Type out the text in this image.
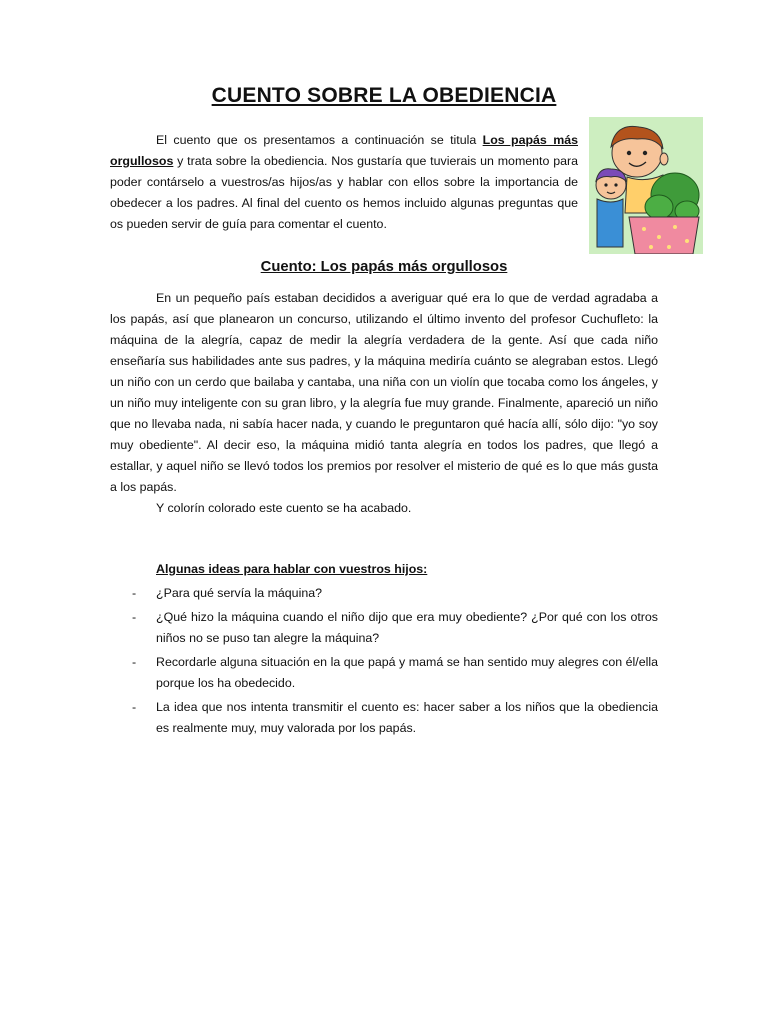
CUENTO SOBRE LA OBEDIENCIA

El cuento que os presentamos a continuación se titula Los papás más orgullosos y trata sobre la obediencia. Nos gustaría que tuvierais un momento para poder contárselo a vuestros/as hijos/as y hablar con ellos sobre la importancia de obedecer a los padres. Al final del cuento os hemos incluido algunas preguntas que os pueden servir de guía para comentar el cuento.

Cuento: Los papás más orgullosos

En un pequeño país estaban decididos a averiguar qué era lo que de verdad agradaba a los papás, así que planearon un concurso, utilizando el último invento del profesor Cuchufleto: la máquina de la alegría, capaz de medir la alegría verdadera de la gente. Así que cada niño enseñaría sus habilidades ante sus padres, y la máquina mediría cuánto se alegraban estos. Llegó un niño con un cerdo que bailaba y cantaba, una niña con un violín que tocaba como los ángeles, y un niño muy inteligente con su gran libro, y la alegría fue muy grande. Finalmente, apareció un niño que no llevaba nada, ni sabía hacer nada, y cuando le preguntaron qué hacía allí, sólo dijo: "yo soy muy obediente". Al decir eso, la máquina midió tanta alegría en todos los padres, que llegó a estallar, y aquel niño se llevó todos los premios por resolver el misterio de qué es lo que más gusta a los papás.

Y colorín colorado este cuento se ha acabado.

Algunas ideas para hablar con vuestros hijos:
-	¿Para qué servía la máquina?
-	¿Qué hizo la máquina cuando el niño dijo que era muy obediente? ¿Por qué con los otros niños no se puso tan alegre la máquina?
-	Recordarle alguna situación en la que papá y mamá se han sentido muy alegres con él/ella porque los ha obedecido.
-	La idea que nos intenta transmitir el cuento es: hacer saber a los niños que la obediencia es realmente muy, muy valorada por los papás.
